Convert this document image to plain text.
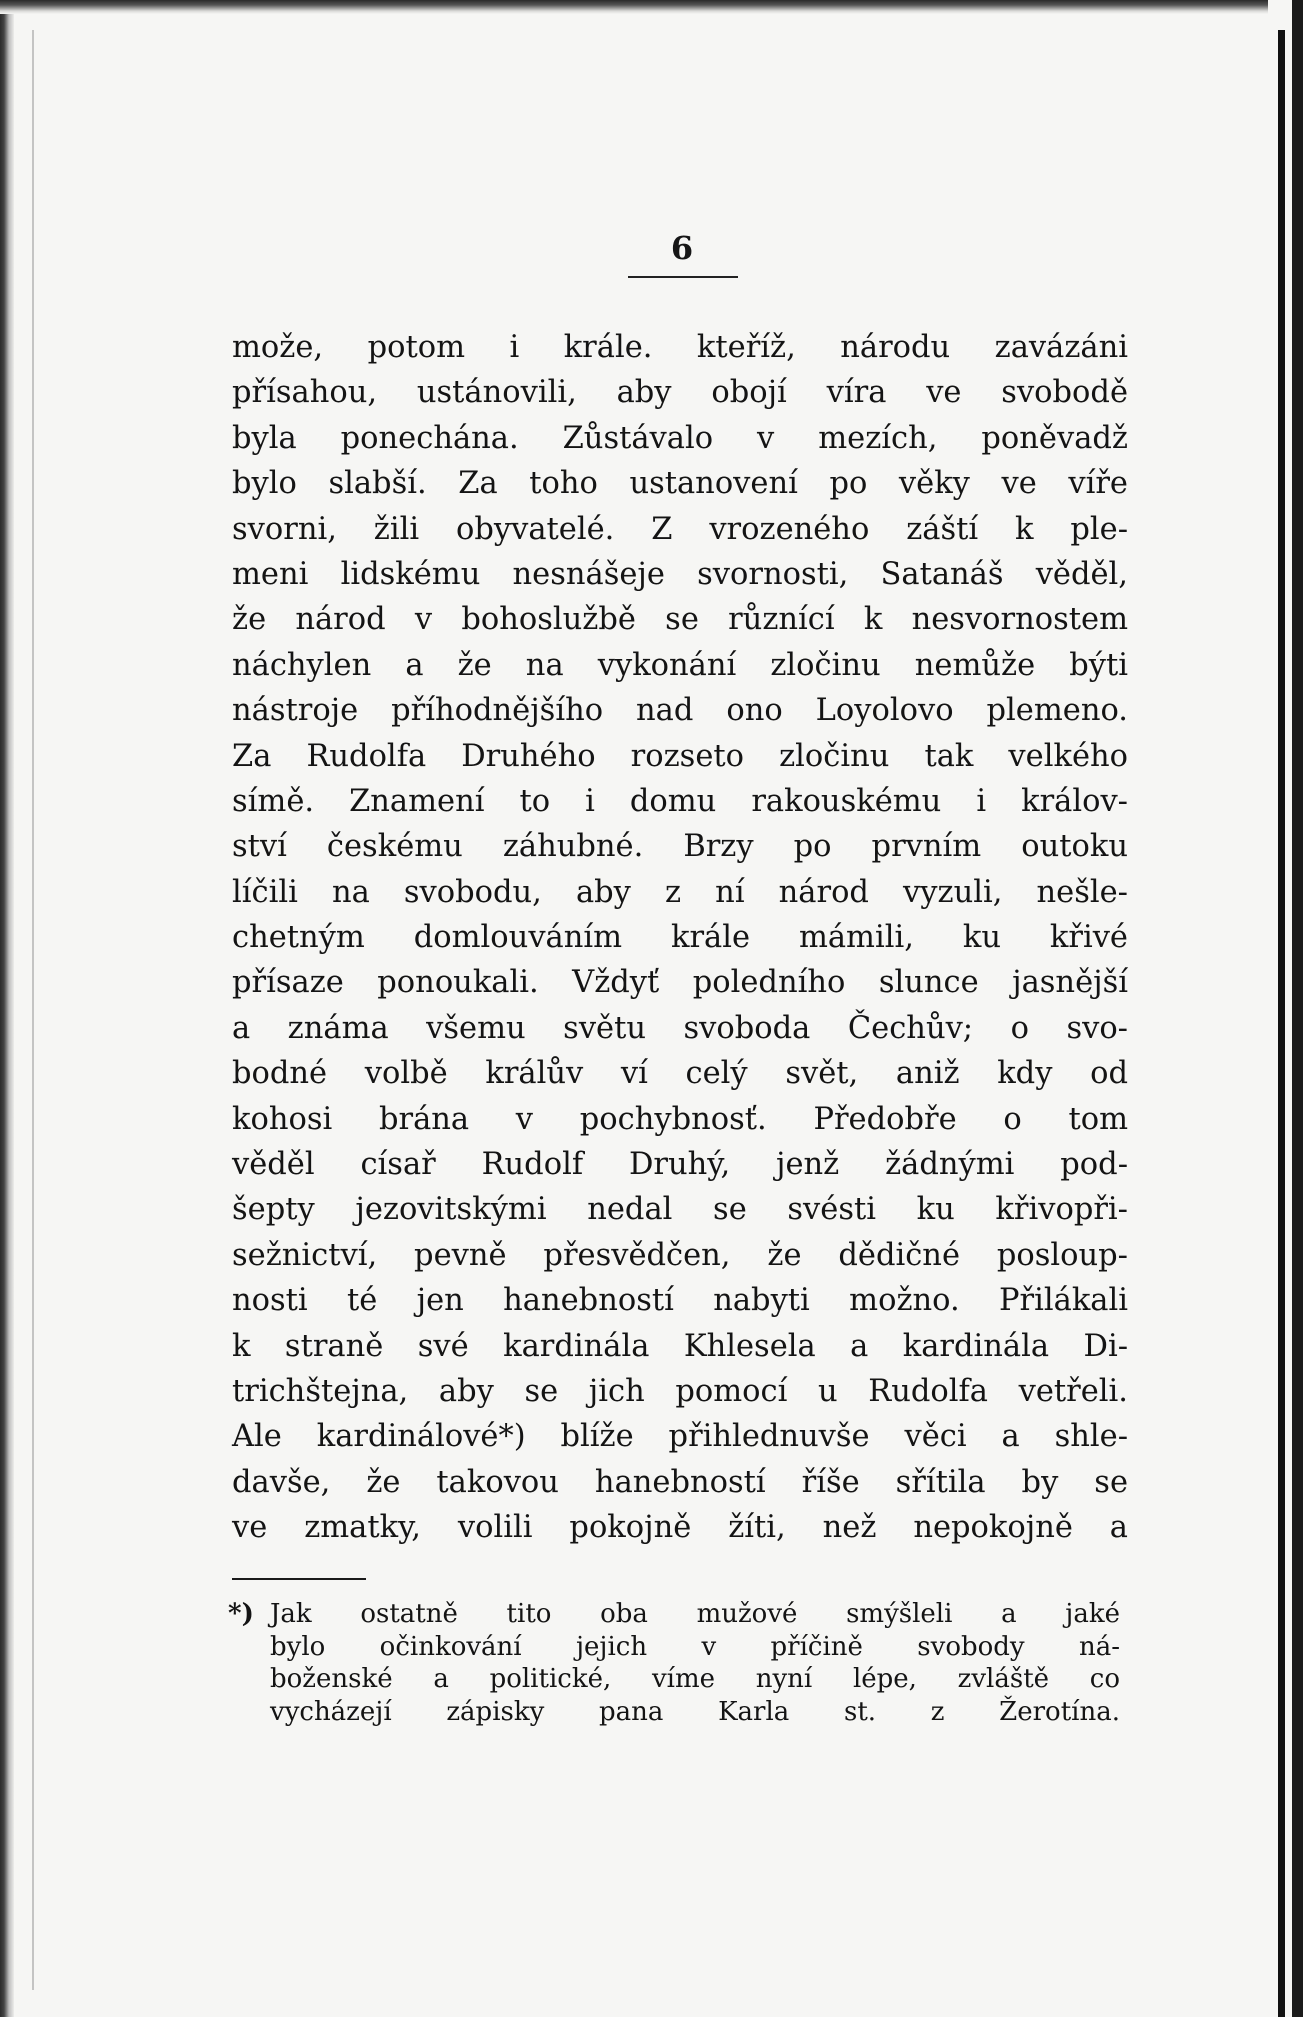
6
može, potom i krále. kteříž, národu zavázáni
přísahou, ustánovili, aby obojí víra ve svobodě
byla ponechána. Zůstávalo v mezích, poněvadž
bylo slabší. Za toho ustanovení po věky ve víře
svorni, žili obyvatelé. Z vrozeného záští k ple-
meni lidskému nesnášeje svornosti, Satanáš věděl,
že národ v bohoslužbě se různící k nesvornostem
náchylen a že na vykonání zločinu nemůže býti
nástroje příhodnějšího nad ono Loyolovo plemeno.
Za Rudolfa Druhého rozseto zločinu tak velkého
símě. Znamení to i domu rakouskému i králov-
ství českému záhubné. Brzy po prvním outoku
líčili na svobodu, aby z ní národ vyzuli, nešle-
chetným domlouváním krále mámili, ku křivé
přísaze ponoukali. Vždyť poledního slunce jasnější
a známa všemu světu svoboda Čechův; o svo-
bodné volbě králův ví celý svět, aniž kdy od
kohosi brána v pochybnosť. Předobře o tom
věděl císař Rudolf Druhý, jenž žádnými pod-
šepty jezovitskými nedal se svésti ku křivopři-
sežnictví, pevně přesvědčen, že dědičné posloup-
nosti té jen hanebností nabyti možno. Přilákali
k straně své kardinála Khlesela a kardinála Di-
trichštejna, aby se jich pomocí u Rudolfa vetřeli.
Ale kardinálové*) blíže přihlednuvše věci a shle-
davše, že takovou hanebností říše sřítila by se
ve zmatky, volili pokojně žíti, než nepokojně a
*) Jak ostatně tito oba mužové smýšleli a jaké
bylo očinkování jejich v příčině svobody ná-
boženské a politické, víme nyní lépe, zvláště co
vycházejí zápisky pana Karla st. z Žerotína.
